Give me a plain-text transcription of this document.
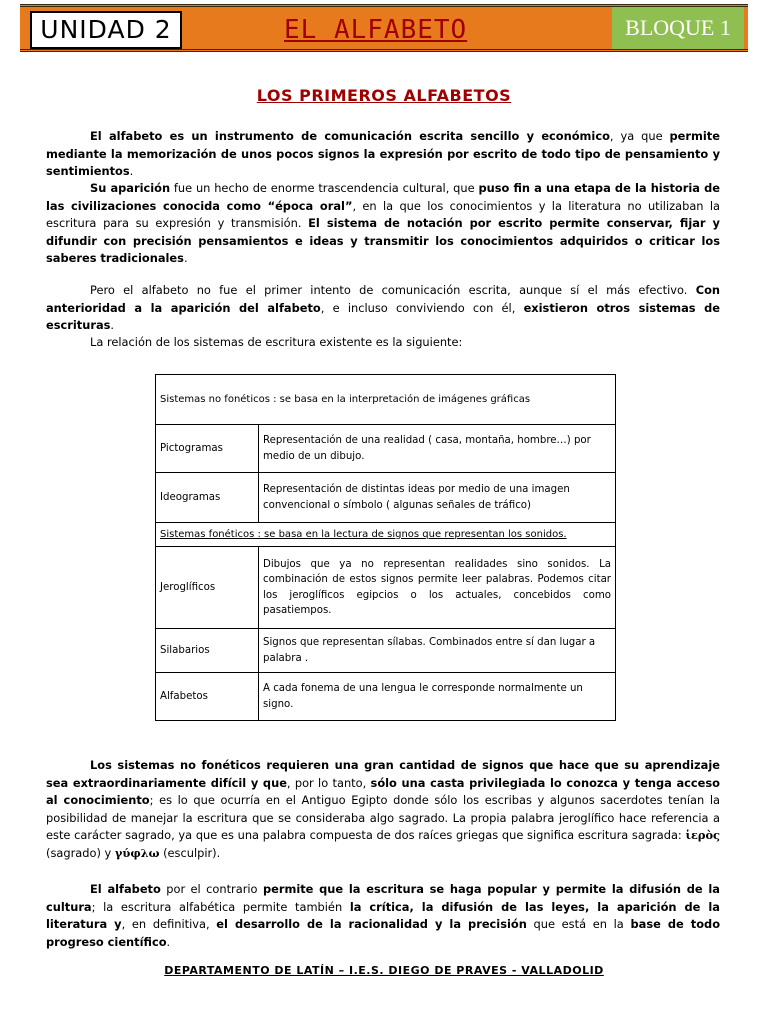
UNIDAD 2	EL ALFABETO	BLOQUE 1
LOS PRIMEROS ALFABETOS
El alfabeto es un instrumento de comunicación escrita sencillo y económico, ya que permite mediante la memorización de unos pocos signos la expresión por escrito de todo tipo de pensamiento y sentimientos.
Su aparición fue un hecho de enorme trascendencia cultural, que puso fin a una etapa de la historia de las civilizaciones conocida como “época oral”, en la que los conocimientos y la literatura no utilizaban la escritura para su expresión y transmisión. El sistema de notación por escrito permite conservar, fijar y difundir con precisión pensamientos e ideas y transmitir los conocimientos adquiridos o criticar los saberes tradicionales.
Pero el alfabeto no fue el primer intento de comunicación escrita, aunque sí el más efectivo. Con anterioridad a la aparición del alfabeto, e incluso conviviendo con él, existieron otros sistemas de escrituras.
La relación de los sistemas de escritura existente es la siguiente:
Sistemas no fonéticos : se basa en la interpretación de imágenes gráficas	
Pictogramas	Representación de una realidad ( casa, montaña, hombre…) por medio de un dibujo.
Ideogramas	Representación de distintas ideas por medio de una imagen convencional o símbolo ( algunas señales de tráfico)
Sistemas fonéticos : se basa en la lectura de signos que representan los sonidos.	
Jeroglíficos	Dibujos que ya no representan realidades sino sonidos. La combinación de estos signos permite leer palabras. Podemos citar los jeroglíficos egipcios o los actuales, concebidos como pasatiempos.
Silabarios	Signos que representan sílabas. Combinados entre sí dan lugar a palabra .
Alfabetos	A cada fonema de una lengua le corresponde normalmente un signo.
Los sistemas no fonéticos requieren una gran cantidad de signos que hace que su aprendizaje sea extraordinariamente difícil y que, por lo tanto, sólo una casta privilegiada lo conozca y tenga acceso al conocimiento; es lo que ocurría en el Antiguo Egipto donde sólo los escribas y algunos sacerdotes tenían la posibilidad de manejar la escritura que se consideraba algo sagrado. La propia palabra jeroglífico hace referencia a este carácter sagrado, ya que es una palabra compuesta de dos raíces griegas que significa escritura sagrada: ἱερὸς (sagrado) y γύφλω (esculpir).
El alfabeto por el contrario permite que la escritura se haga popular y permite la difusión de la cultura; la escritura alfabética permite también la crítica, la difusión de las leyes, la aparición de la literatura y, en definitiva, el desarrollo de la racionalidad y la precisión que está en la base de todo progreso científico.
DEPARTAMENTO DE LATÍN – I.E.S. DIEGO DE PRAVES - VALLADOLID
